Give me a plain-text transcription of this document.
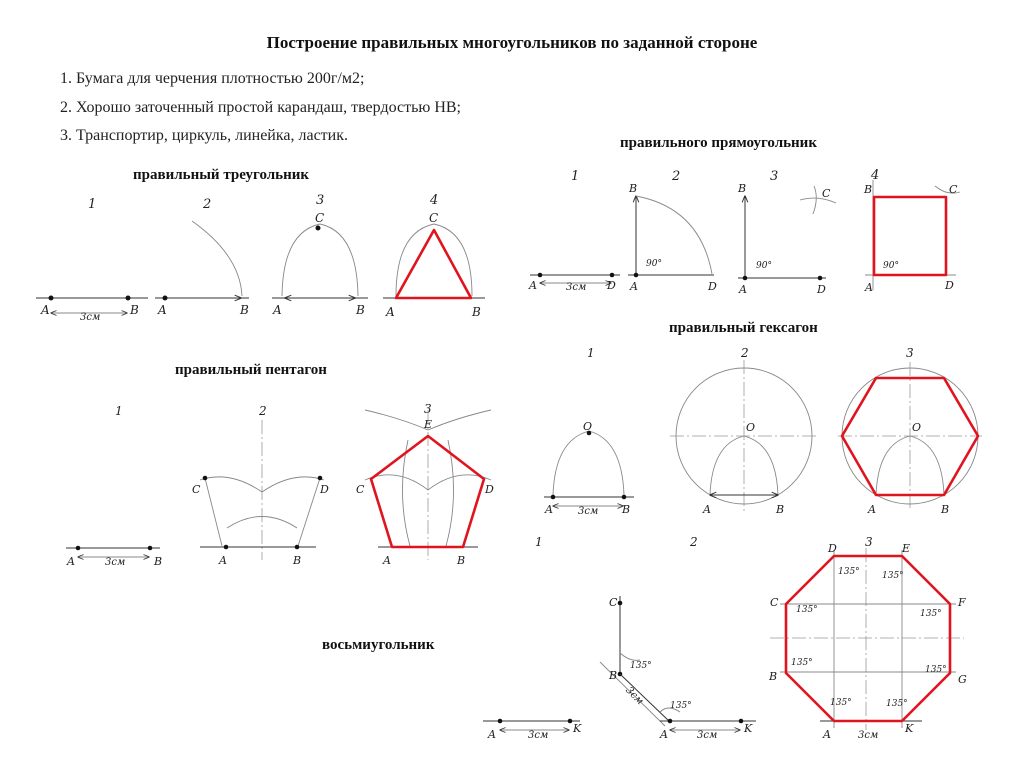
Построение правильных многоугольников по заданной стороне
1. Бумага для черчения плотностью 200г/м2;
2. Хорошо заточенный простой карандаш, твердостью НВ;
3. Транспортир, циркуль, линейка, ластик.
правильный треугольник
правильного прямоугольник
правильный гексагон
правильный пентагон
восьмиугольник
1
A	B
3см
2
A	B
3
C
A	B
4
C
A	B
1
A	D
3см
2
B
90°
A	D
3
B	C
90°
A	D
4
B	C
90°
A	D
1
O
A	B
3см
2
O
A	B
3
O
A	B
1
A	B
3см
2
C	D
A	B
3
E
C	D
A	B
1
A	K
3см
2
C
B
135°
135°
3см
A	K
3см
3
D	E
C	F
B	G
A	K
3см
135° 135°
135°	135°
135°
135°
135°	135°
